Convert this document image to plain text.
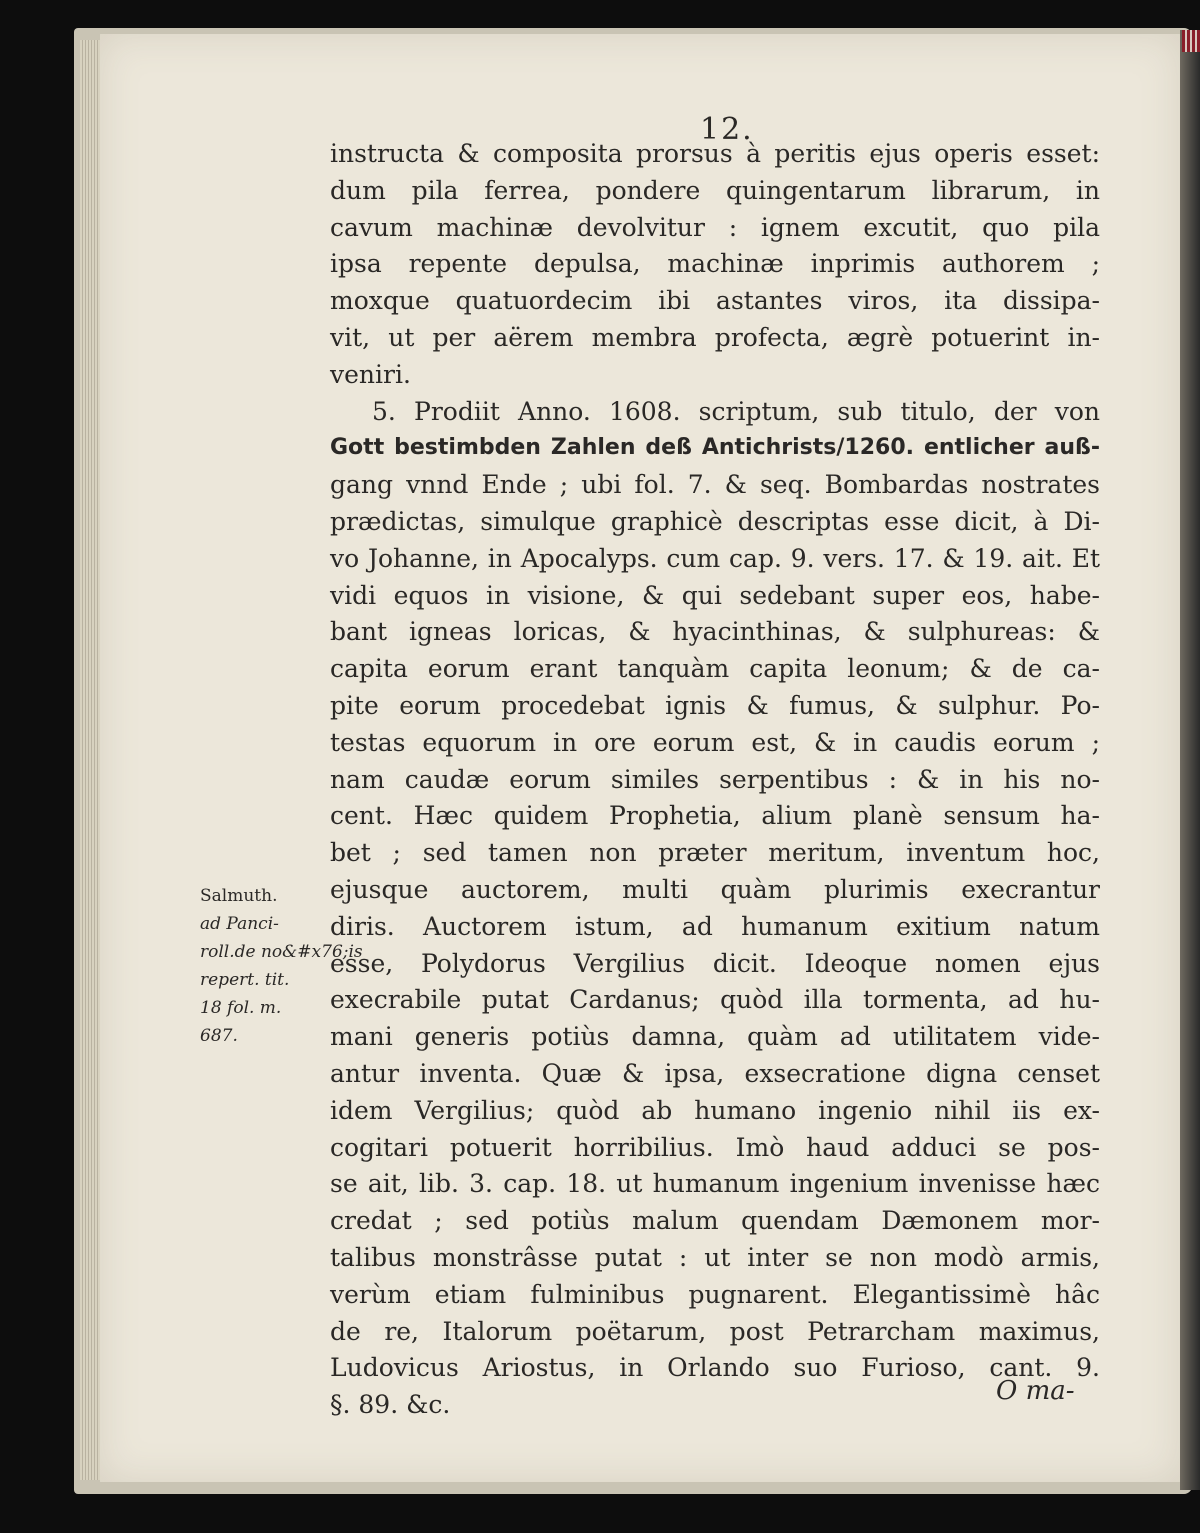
12.
Salmuth.
ad Panci-
roll.de no&#x76;is
repert. tit.
18 fol. m.
687.
instructa & composita prorsus à peritis ejus operis esset:
dum pila ferrea, pondere quingentarum librarum, in
cavum machinæ devolvitur : ignem excutit, quo pila
ipsa repente depulsa, machinæ inprimis authorem ;
moxque quatuordecim ibi astantes viros, ita dissipa-
vit, ut per aërem membra profecta, ægrè potuerint in-
veniri.
5. Prodiit Anno. 1608. scriptum, sub titulo, der von
Gott bestimbden Zahlen deß Antichrists/1260. entlicher auß-
gang vnnd Ende ; ubi fol. 7. & seq. Bombardas nostrates
prædictas, simulque graphicè descriptas esse dicit, à Di-
vo Johanne, in Apocalyps. cum cap. 9. vers. 17. & 19. ait. Et
vidi equos in visione, & qui sedebant super eos, habe-
bant igneas loricas, & hyacinthinas, & sulphureas: &
capita eorum erant tanquàm capita leonum; & de ca-
pite eorum procedebat ignis & fumus, & sulphur. Po-
testas equorum in ore eorum est, & in caudis eorum ;
nam caudæ eorum similes serpentibus : & in his no-
cent. Hæc quidem Prophetia, alium planè sensum ha-
bet ; sed tamen non præter meritum, inventum hoc,
ejusque auctorem, multi quàm plurimis execrantur
diris. Auctorem istum, ad humanum exitium natum
esse, Polydorus Vergilius dicit. Ideoque nomen ejus
execrabile putat Cardanus; quòd illa tormenta, ad hu-
mani generis potiùs damna, quàm ad utilitatem vide-
antur inventa. Quæ & ipsa, exsecratione digna censet
idem Vergilius; quòd ab humano ingenio nihil iis ex-
cogitari potuerit horribilius. Imò haud adduci se pos-
se ait, lib. 3. cap. 18. ut humanum ingenium invenisse hæc
credat ; sed potiùs malum quendam Dæmonem mor-
talibus monstrâsse putat : ut inter se non modò armis,
verùm etiam fulminibus pugnarent. Elegantissimè hâc
de re, Italorum poëtarum, post Petrarcham maximus,
Ludovicus Ariostus, in Orlando suo Furioso, cant. 9.
§. 89. &c.	O ma-
